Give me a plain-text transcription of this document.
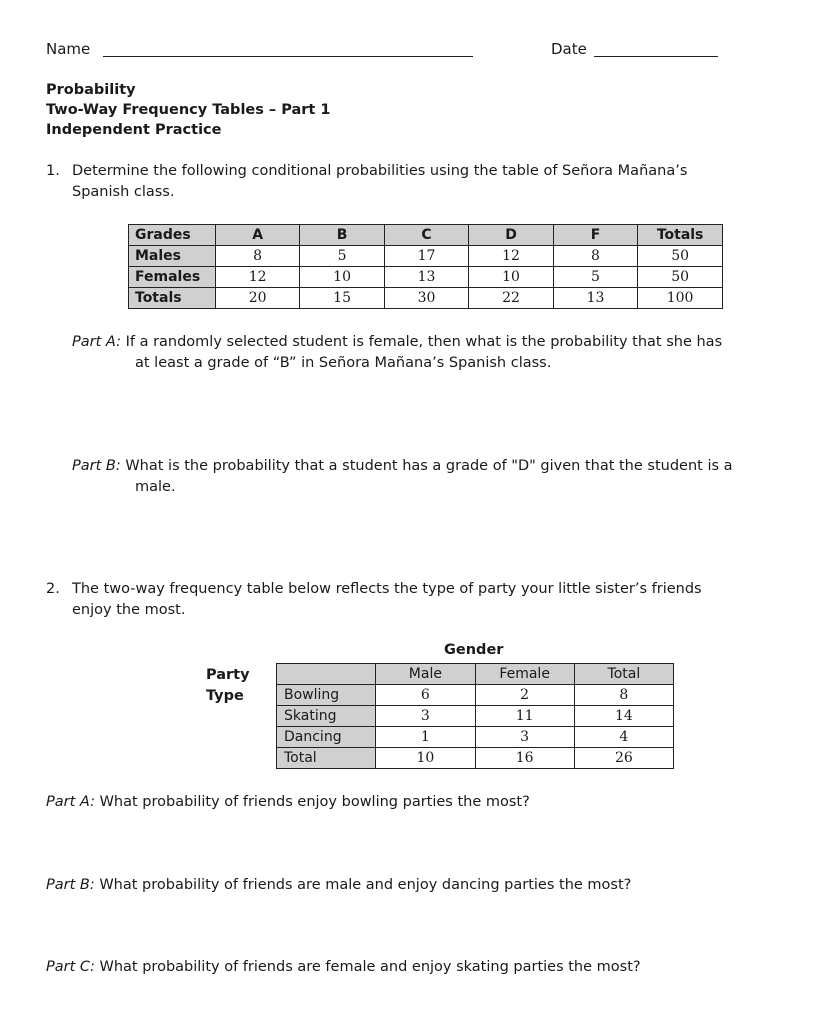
Name	Date
Probability
Two-Way Frequency Tables – Part 1
Independent Practice
1. Determine the following conditional probabilities using the table of Señora Mañana’s
Spanish class.
Grades	A	B	C	D	F	Totals
Males	8	5	17	12	8	50
Females	12	10	13	10	5	50
Totals	20	15	30	22	13	100
Part A: If a randomly selected student is female, then what is the probability that she has
at least a grade of “B” in Señora Mañana’s Spanish class.
Part B: What is the probability that a student has a grade of "D" given that the student is a
male.
2. The two-way frequency table below reflects the type of party your little sister’s friends
enjoy the most.
Gender
Party
Type
	Male	Female	Total
Bowling	6	2	8
Skating	3	11	14
Dancing	1	3	4
Total	10	16	26
Part A: What probability of friends enjoy bowling parties the most?
Part B: What probability of friends are male and enjoy dancing parties the most?
Part C: What probability of friends are female and enjoy skating parties the most?
